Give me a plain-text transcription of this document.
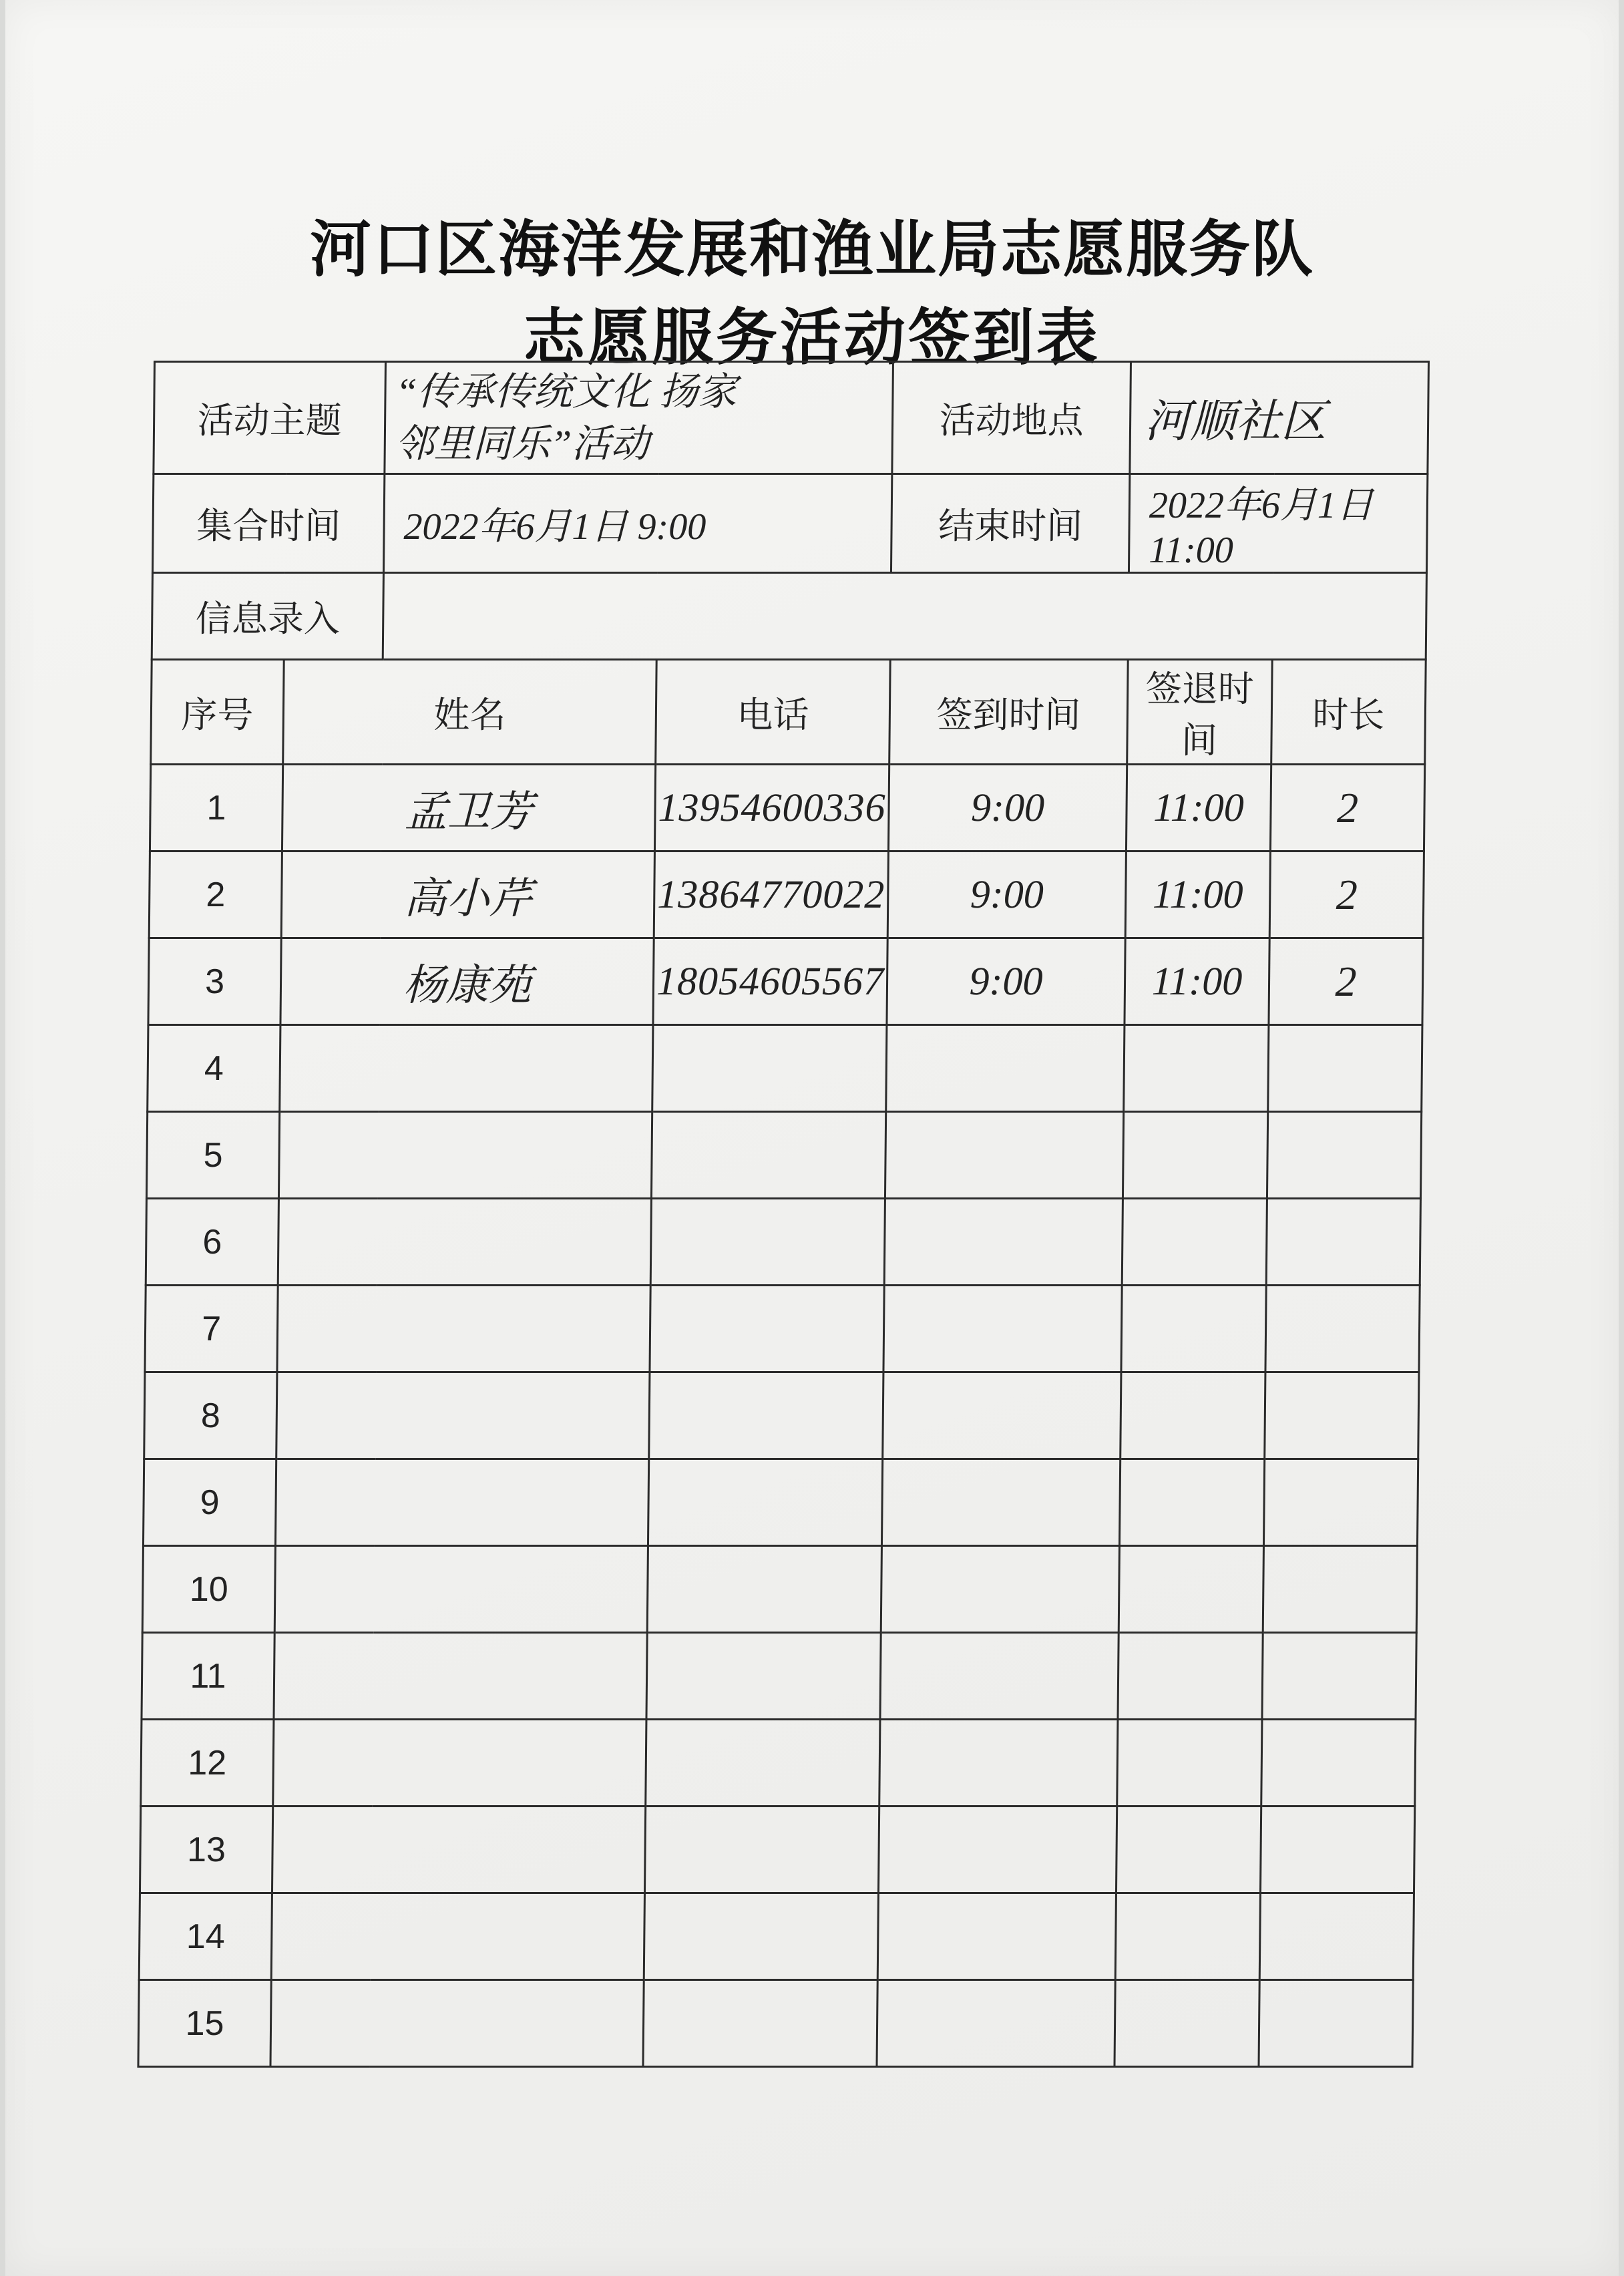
河口区海洋发展和渔业局志愿服务队
志愿服务活动签到表
活动主题		“传承传统文化 扬家
邻里同乐”活动		活动地点	河顺社区	
集合时间		2022年6月1日 9:00		结束时间	2022年6月1日 11:00	
信息录入						
序号	姓名		电话	签到时间	签退时间	时长
1	孟卫芳		13954600336	9:00	11:00	2
2	高小芹		13864770022	9:00	11:00	2
3	杨康苑		18054605567	9:00	11:00	2
4						
5						
6						
7						
8						
9						
10						
11						
12						
13						
14						
15						
